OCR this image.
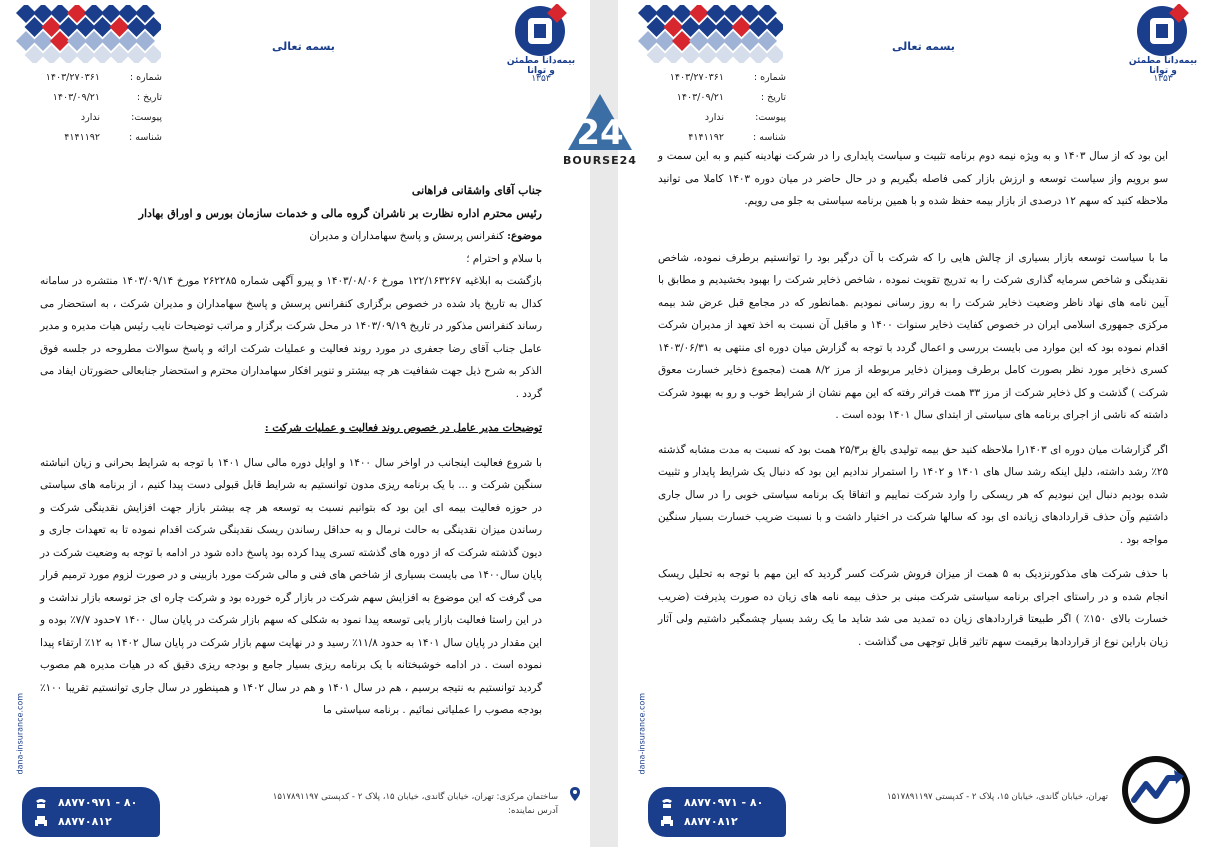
بسمه تعالی
بیمه‌دانا مطمئن و توانا
۱۳۵۳
شماره :
۱۴۰۳/۲۷۰۳۶۱
تاریخ :
۱۴۰۳/۰۹/۲۱
پیوست:
ندارد
شناسه :
۴۱۴۱۱۹۲

جناب آقای واشقانی فراهانی

رئیس محترم اداره نظارت بر ناشران گروه مالی و خدمات سازمان بورس و اوراق بهادار

موضوع: کنفرانس پرسش و پاسخ سهامداران و مدیران

با سلام و احترام ؛

بازگشت به ابلاغیه ۱۲۲/۱۶۳۲۶۷ مورخ ۱۴۰۳/۰۸/۰۶ و پیرو آگهی شماره ۲۶۲۲۸۵ مورخ ۱۴۰۳/۰۹/۱۴ منتشره در سامانه کدال به تاریخ یاد شده در خصوص برگزاری کنفرانس پرسش و پاسخ سهامداران و مدیران شرکت ، به استحضار می رساند کنفرانس مذکور در تاریخ ۱۴۰۳/۰۹/۱۹ در محل شرکت برگزار و مراتب توضیحات نایب رئیس هیات مدیره و مدیر عامل جناب آقای رضا جعفری در مورد روند فعالیت و عملیات شرکت ارائه و پاسخ سوالات مطروحه در جلسه فوق الذکر به شرح ذیل جهت شفافیت هر چه بیشتر و تنویر افکار سهامداران محترم و استحضار جنابعالی حضورتان ایفاد می گردد .

توضیحات مدیر عامل در خصوص روند فعالیت و عملیات شرکت :

با شروع فعالیت اینجانب در اواخر سال ۱۴۰۰ و اوایل دوره مالی سال ۱۴۰۱ با توجه به شرایط بحرانی و زیان انباشته سنگین شرکت و ... با یک برنامه ریزی مدون توانستیم به شرایط قابل قبولی دست پیدا کنیم ، از برنامه های سیاستی در حوزه فعالیت بیمه ای این بود که بتوانیم نسبت به توسعه هر چه بیشتر بازار جهت افزایش نقدینگی شرکت و رساندن میزان نقدینگی به حالت نرمال و به حداقل رساندن ریسک نقدینگی شرکت اقدام نموده تا به تعهدات جاری و دیون گذشته شرکت که از دوره های گذشته تسری پیدا کرده بود پاسخ داده شود در ادامه با توجه به وضعیت شرکت در پایان سال۱۴۰۰ می بایست بسیاری از شاخص های فنی و مالی شرکت مورد بازبینی و در صورت لزوم مورد ترمیم قرار می گرفت که این موضوع به افزایش سهم شرکت در بازار گره خورده بود و شرکت چاره ای جز توسعه بازار نداشت و در این راستا فعالیت بازار یابی توسعه پیدا نمود به شکلی که سهم بازار شرکت در پایان سال ۱۴۰۰ ۷حدود ۷/۷٪ بوده و این مقدار در پایان سال ۱۴۰۱ به حدود ۱۱/۸٪ رسید و در نهایت سهم بازار شرکت در پایان سال ۱۴۰۲ به ۱۲٪ ارتقاء پیدا نموده است . در ادامه خوشبختانه با یک برنامه ریزی بسیار جامع و بودجه ریزی دقیق که در هیات مدیره هم مصوب گردید توانستیم به نتیجه برسیم ، هم در سال ۱۴۰۱ و هم در سال ۱۴۰۲ و همینطور در سال جاری توانستیم تقریبا ۱۰۰٪ بودجه مصوب را عملیاتی نمائیم . برنامه سیاستی ما

dana-insurance.com
۸۸۷۷۰۹۷۱ - ۸۰
۸۸۷۷۰۸۱۲
ساختمان مرکزی: تهران، خیابان گاندی، خیابان ۱۵، پلاک ۲ - کدپستی ۱۵۱۷۸۹۱۱۹۷
آدرس نماینده:
بسمه تعالی
بیمه‌دانا مطمئن و توانا
۱۳۵۳
شماره :
۱۴۰۳/۲۷۰۳۶۱
تاریخ :
۱۴۰۳/۰۹/۲۱
پیوست:
ندارد
شناسه :
۴۱۴۱۱۹۲

این بود که از سال ۱۴۰۳ و به ویژه نیمه دوم برنامه تثبیت و سیاست پایداری را در شرکت نهادینه کنیم و به این سمت و سو برویم واز سیاست توسعه و ارزش بازار کمی فاصله بگیریم و در حال حاضر در میان دوره ۱۴۰۳ کاملا می توانید ملاحظه کنید که سهم ۱۲ درصدی از بازار بیمه حفظ شده و با همین برنامه سیاستی به جلو می رویم.

ما با سیاست توسعه بازار بسیاری از چالش هایی را که شرکت با آن درگیر بود را توانستیم برطرف نموده، شاخص نقدینگی و شاخص سرمایه گذاری شرکت را به تدریج تقویت نموده ، شاخص ذخایر شرکت را بهبود بخشیدیم و مطابق با آیین نامه های نهاد ناظر وضعیت ذخایر شرکت را به روز رسانی نمودیم .همانطور که در مجامع قبل عرض شد بیمه مرکزی جمهوری اسلامی ایران در خصوص کفایت ذخایر سنوات ۱۴۰۰ و ماقبل آن نسبت به اخذ تعهد از مدیران شرکت اقدام نموده بود که این موارد می بایست بررسی و اعمال گردد با توجه به گزارش میان دوره ای منتهی به ۱۴۰۳/۰۶/۳۱ کسری ذخایر مورد نظر بصورت کامل برطرف ومیزان ذخایر مربوطه از مرز ۸/۲ همت (مجموع ذخایر خسارت معوق شرکت ) گذشت و کل ذخایر شرکت از مرز ۳۳ همت فراتر رفته که این مهم نشان از شرایط خوب و رو به بهبود شرکت داشته که ناشی از اجرای برنامه های سیاستی از ابتدای سال ۱۴۰۱ بوده است .

اگر گزارشات میان دوره ای ۱۴۰۳را ملاحظه کنید حق بیمه تولیدی بالغ بر۲۵/۳ همت بود که نسبت به مدت مشابه گذشته ۲۵٪ رشد داشته، دلیل اینکه رشد سال های ۱۴۰۱ و ۱۴۰۲ را استمرار ندادیم این بود که دنبال یک شرایط پایدار و تثبیت شده بودیم دنبال این نبودیم که هر ریسکی را وارد شرکت نماییم و اتفاقا یک برنامه سیاستی خوبی را در سال جاری داشتیم وآن حذف قراردادهای زیانده ای بود که سالها شرکت در اختیار داشت و با نسبت ضریب خسارت بسیار سنگین مواجه بود .

با حذف شرکت های مذکورنزدیک به ۵ همت از میزان فروش شرکت کسر گردید که این مهم با توجه به تحلیل ریسک انجام شده و در راستای اجرای برنامه سیاستی شرکت مبنی بر حذف بیمه نامه های زیان ده صورت پذیرفت (ضریب خسارت بالای ۱۵۰٪ ) اگر طبیعتا قراردادهای زیان ده تمدید می شد شاید ما یک رشد بسیار چشمگیر داشتیم ولی آثار زیان باراین نوع از قراردادها برقیمت سهم تاثیر قابل توجهی می گذاشت .

dana-insurance.com
۸۸۷۷۰۹۷۱ - ۸۰
۸۸۷۷۰۸۱۲
تهران، خیابان گاندی، خیابان ۱۵، پلاک ۲ - کدپستی ۱۵۱۷۸۹۱۱۹۷
24
BOURSE24
